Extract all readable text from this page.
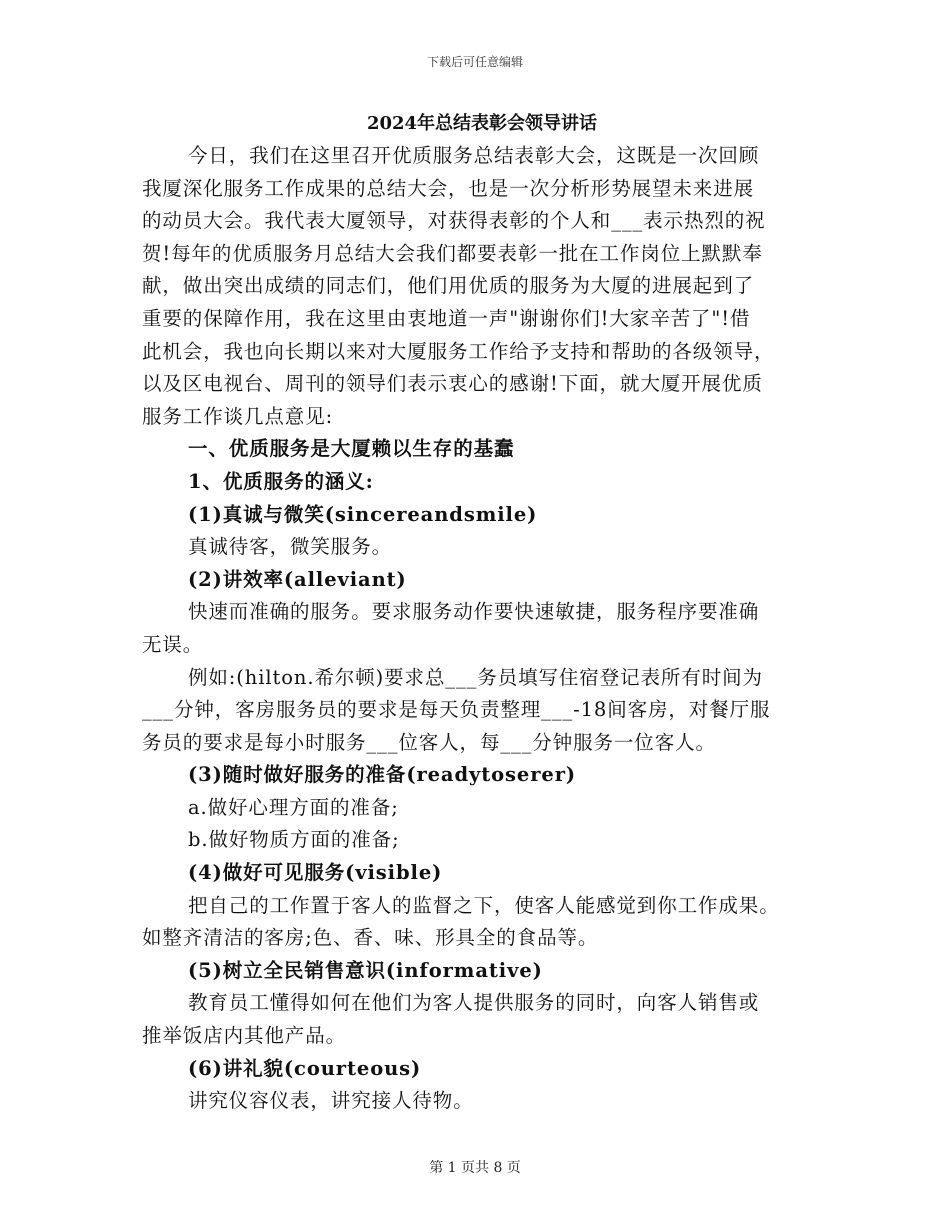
下载后可任意编辑
2024年总结表彰会领导讲话
今日，我们在这里召开优质服务总结表彰大会，这既是一次回顾
我厦深化服务工作成果的总结大会，也是一次分析形势展望未来进展
的动员大会。我代表大厦领导，对获得表彰的个人和___表示热烈的祝
贺!每年的优质服务月总结大会我们都要表彰一批在工作岗位上默默奉
献，做出突出成绩的同志们，他们用优质的服务为大厦的进展起到了
重要的保障作用，我在这里由衷地道一声"谢谢你们!大家辛苦了"!借
此机会，我也向长期以来对大厦服务工作给予支持和帮助的各级领导，
以及区电视台、周刊的领导们表示衷心的感谢!下面，就大厦开展优质
服务工作谈几点意见:
一、优质服务是大厦赖以生存的基蠢
1、优质服务的涵义:
(1)真诚与微笑(sincereandsmile)
真诚待客，微笑服务。
(2)讲效率(alleviant)
快速而准确的服务。要求服务动作要快速敏捷，服务程序要准确
无误。
例如:(hilton.希尔顿)要求总___务员填写住宿登记表所有时间为
___分钟，客房服务员的要求是每天负责整理___-18间客房，对餐厅服
务员的要求是每小时服务___位客人，每___分钟服务一位客人。
(3)随时做好服务的准备(readytoserer)
a.做好心理方面的准备;
b.做好物质方面的准备;
(4)做好可见服务(visible)
把自己的工作置于客人的监督之下，使客人能感觉到你工作成果。
如整齐清洁的客房;色、香、味、形具全的食品等。
(5)树立全民销售意识(informative)
教育员工懂得如何在他们为客人提供服务的同时，向客人销售或
推举饭店内其他产品。
(6)讲礼貌(courteous)
讲究仪容仪表，讲究接人待物。
第 1 页共 8 页
